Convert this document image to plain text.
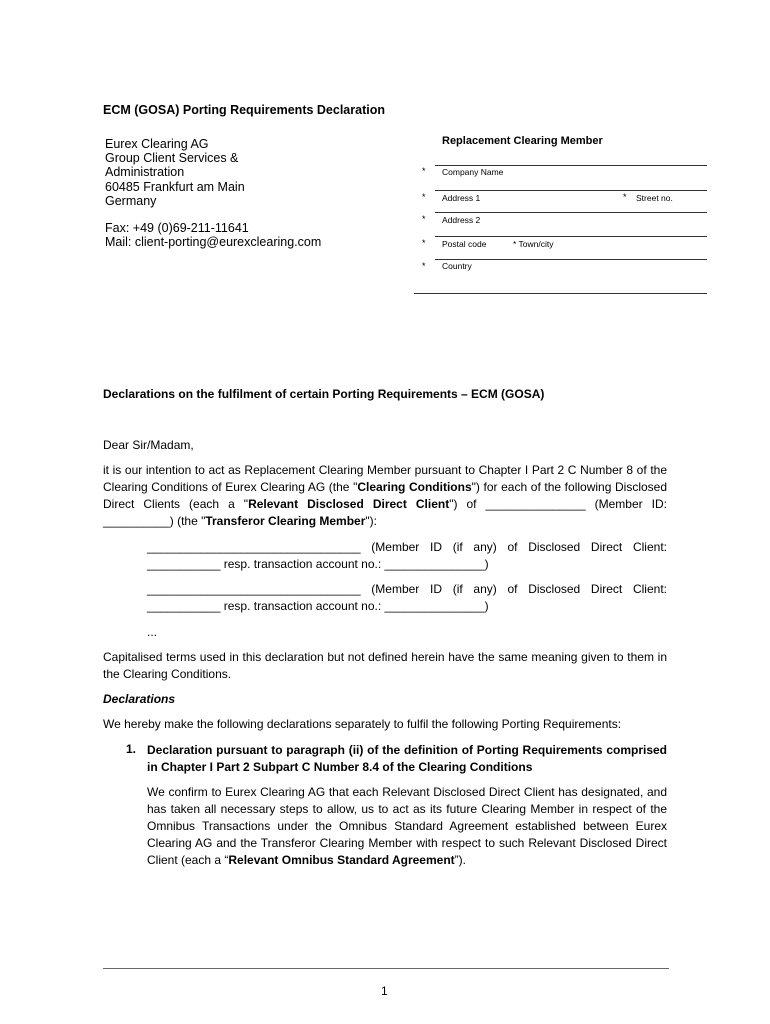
ECM (GOSA) Porting Requirements Declaration
Eurex Clearing AG
Group Client Services &
Administration
60485 Frankfurt am Main
Germany
Fax: +49 (0)69-211-11641
Mail: client-porting@eurexclearing.com
Replacement Clearing Member
* Company Name
* Address 1	* Street no.
* Address 2
* Postal code	* Town/city
* Country
Declarations on the fulfilment of certain Porting Requirements – ECM (GOSA)
Dear Sir/Madam,
it is our intention to act as Replacement Clearing Member pursuant to Chapter I Part 2 C Number 8 of the Clearing Conditions of Eurex Clearing AG (the "Clearing Conditions") for each of the following Disclosed Direct Clients (each a "Relevant Disclosed Direct Client") of _______________ (Member ID: __________) (the "Transferor Clearing Member"):
________________________________ (Member ID (if any) of Disclosed Direct Client: ___________ resp. transaction account no.: _______________)
________________________________ (Member ID (if any) of Disclosed Direct Client: ___________ resp. transaction account no.: _______________)
...
Capitalised terms used in this declaration but not defined herein have the same meaning given to them in the Clearing Conditions.
Declarations
We hereby make the following declarations separately to fulfil the following Porting Requirements:
1. Declaration pursuant to paragraph (ii) of the definition of Porting Requirements comprised in Chapter I Part 2 Subpart C Number 8.4 of the Clearing Conditions
We confirm to Eurex Clearing AG that each Relevant Disclosed Direct Client has designated, and has taken all necessary steps to allow, us to act as its future Clearing Member in respect of the Omnibus Transactions under the Omnibus Standard Agreement established between Eurex Clearing AG and the Transferor Clearing Member with respect to such Relevant Disclosed Direct Client (each a “Relevant Omnibus Standard Agreement”).
1
